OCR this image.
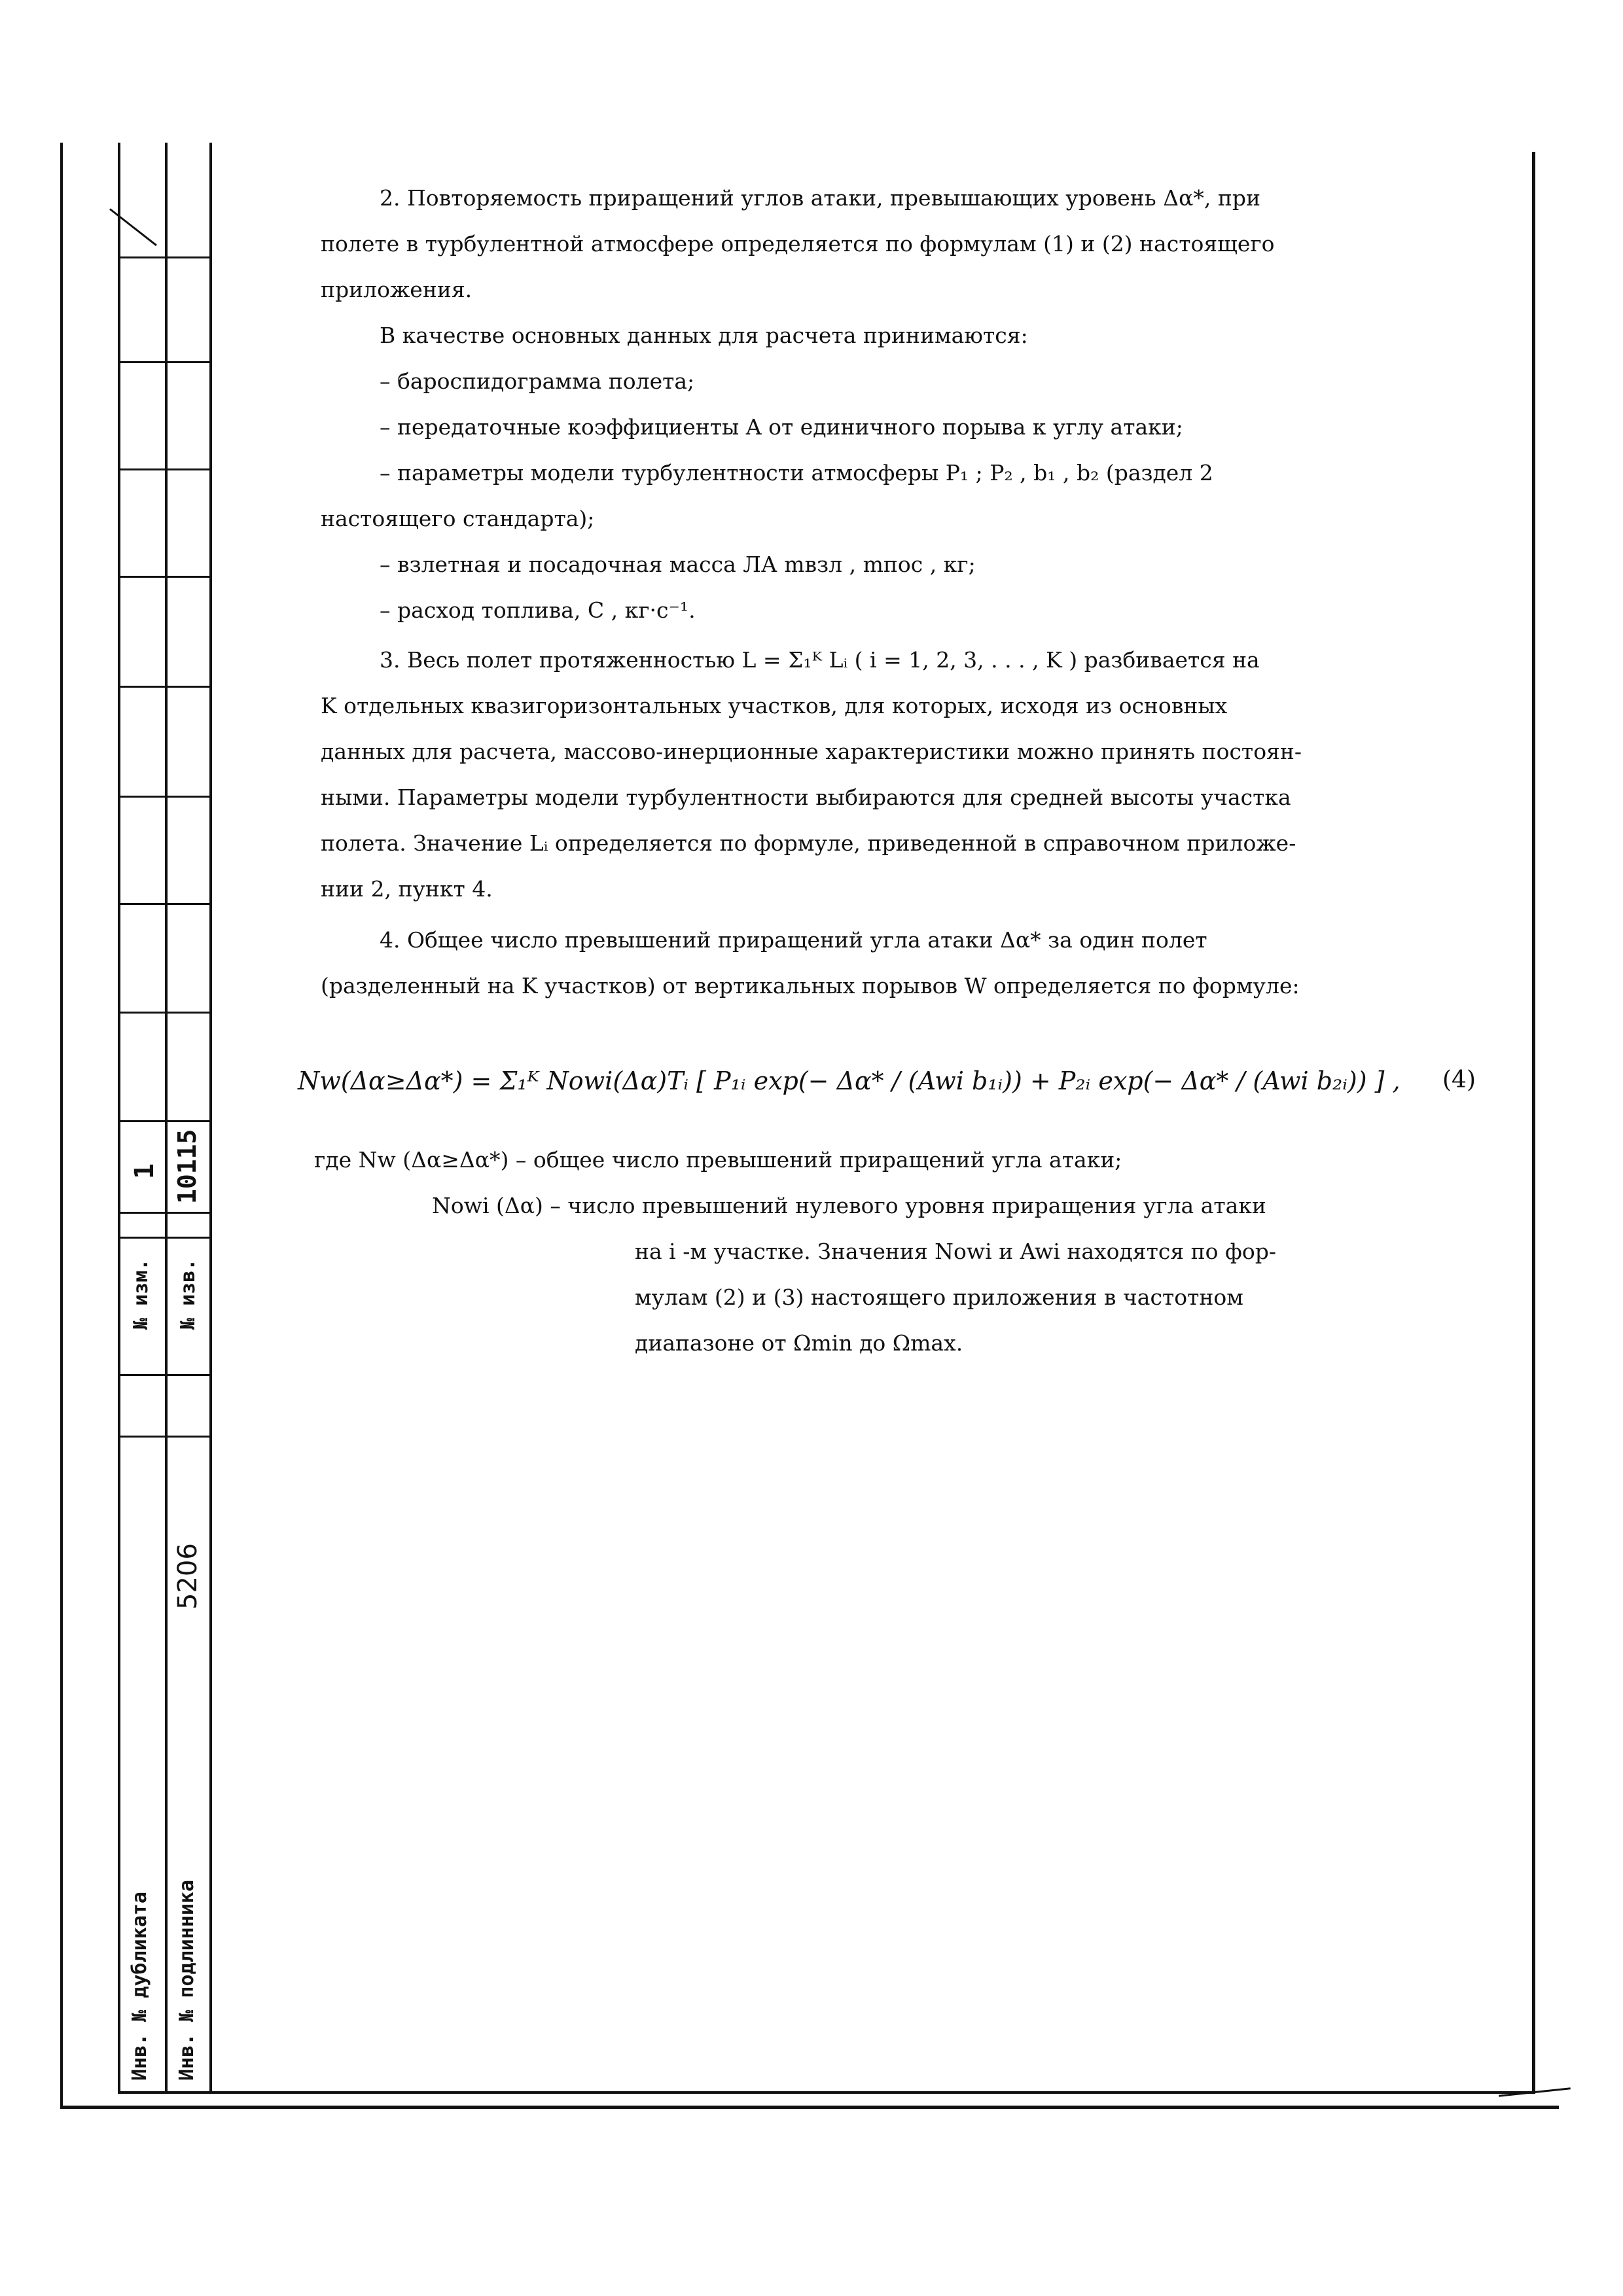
1 10115
№ изм. № изв.
5206
Инв. № дубликата Инв. № подлинника

2. Повторяемость приращений углов атаки, превышающих уровень Δα*, при

полете в турбулентной атмосфере определяется по формулам (1) и (2) настоящего

приложения.

В качестве основных данных для расчета принимаются:

– бароспидограмма полета;

– передаточные коэффициенты A от единичного порыва к углу атаки;

– параметры модели турбулентности атмосферы P₁ ; P₂ , b₁ , b₂ (раздел 2

настоящего стандарта);

– взлетная и посадочная масса ЛА mвзл , mпос , кг;

– расход топлива, C , кг·с⁻¹.

3. Весь полет протяженностью L = Σ₁ᴷ Lᵢ ( i = 1, 2, 3, . . . , K ) разбивается на

K отдельных квазигоризонтальных участков, для которых, исходя из основных

данных для расчета, массово-инерционные характеристики можно принять постоян-

ными. Параметры модели турбулентности выбираются для средней высоты участка

полета. Значение Lᵢ определяется по формуле, приведенной в справочном приложе-

нии 2, пункт 4.

4. Общее число превышений приращений угла атаки Δα* за один полет

(разделенный на K участков) от вертикальных порывов W определяется по формуле:

Nw(Δα≥Δα*) = Σ₁ᴷ Nowi(Δα)Tᵢ [ P₁ᵢ exp(− Δα* / (Awi b₁ᵢ)) + P₂ᵢ exp(− Δα* / (Awi b₂ᵢ)) ] , (4)

где Nw (Δα≥Δα*) – общее число превышений приращений угла атаки;

Nowi (Δα) – число превышений нулевого уровня приращения угла атаки

на i -м участке. Значения Nowi и Awi находятся по фор-

мулам (2) и (3) настоящего приложения в частотном

диапазоне от Ωmin до Ωmax.
